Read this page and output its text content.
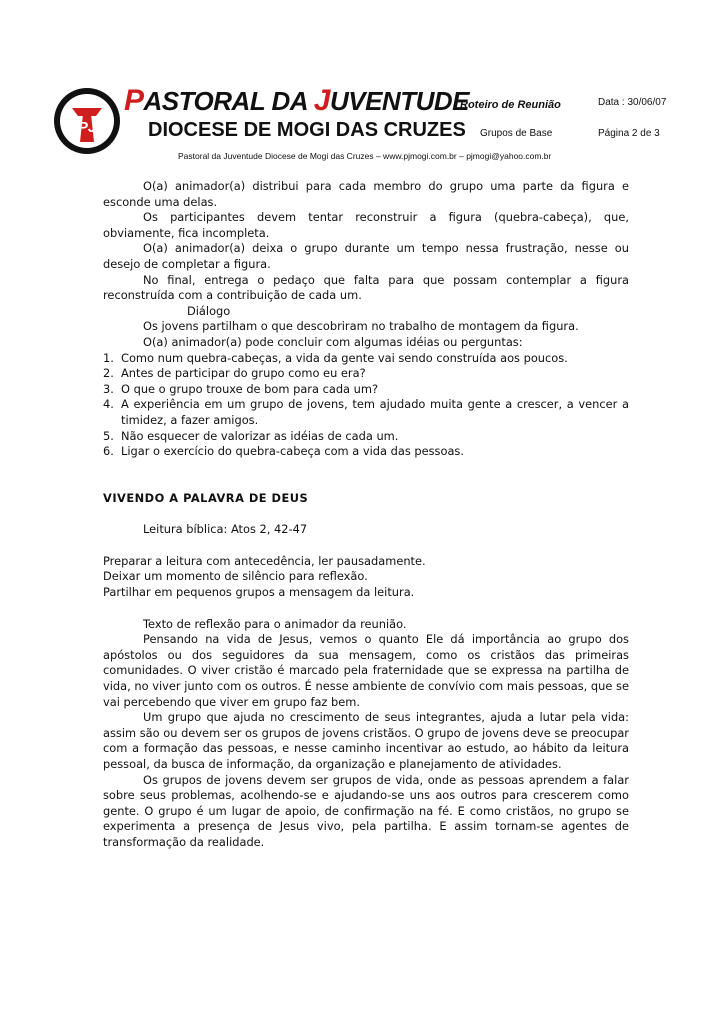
PJ
PASTORAL DA JUVENTUDE
DIOCESE DE MOGI DAS CRUZES
Pastoral da Juventude Diocese de Mogi das Cruzes – www.pjmogi.com.br – pjmogi@yahoo.com.br
Roteiro de Reunião	Data : 30/06/07
Grupos de Base	Página 2 de 3

O(a) animador(a) distribui para cada membro do grupo uma parte da figura e esconde uma delas.

Os participantes devem tentar reconstruir a figura (quebra-cabeça), que, obviamente, fica incompleta.

O(a) animador(a) deixa o grupo durante um tempo nessa frustração, nesse ou desejo de completar a figura.

No final, entrega o pedaço que falta para que possam contemplar a figura reconstruída com a contribuição de cada um.

Diálogo

Os jovens partilham o que descobriram no trabalho de montagem da figura.

O(a) animador(a) pode concluir com algumas idéias ou perguntas:

1. Como num quebra-cabeças, a vida da gente vai sendo construída aos poucos.
2. Antes de participar do grupo como eu era?
3. O que o grupo trouxe de bom para cada um?
4. A experiência em um grupo de jovens, tem ajudado muita gente a crescer, a vencer a timidez, a fazer amigos.
5. Não esquecer de valorizar as idéias de cada um.
6. Ligar o exercício do quebra-cabeça com a vida das pessoas.

VIVENDO A PALAVRA DE DEUS

Leitura bíblica: Atos 2, 42-47

Preparar a leitura com antecedência, ler pausadamente.

Deixar um momento de silêncio para reflexão.

Partilhar em pequenos grupos a mensagem da leitura.

Texto de reflexão para o animador da reunião.

Pensando na vida de Jesus, vemos o quanto Ele dá importância ao grupo dos apóstolos ou dos seguidores da sua mensagem, como os cristãos das primeiras comunidades. O viver cristão é marcado pela fraternidade que se expressa na partilha de vida, no viver junto com os outros. É nesse ambiente de convívio com mais pessoas, que se vai percebendo que viver em grupo faz bem.

Um grupo que ajuda no crescimento de seus integrantes, ajuda a lutar pela vida: assim são ou devem ser os grupos de jovens cristãos. O grupo de jovens deve se preocupar com a formação das pessoas, e nesse caminho incentivar ao estudo, ao hábito da leitura pessoal, da busca de informação, da organização e planejamento de atividades.

Os grupos de jovens devem ser grupos de vida, onde as pessoas aprendem a falar sobre seus problemas, acolhendo-se e ajudando-se uns aos outros para crescerem como gente. O grupo é um lugar de apoio, de confirmação na fé. E como cristãos, no grupo se experimenta a presença de Jesus vivo, pela partilha. E assim tornam-se agentes de transformação da realidade.
